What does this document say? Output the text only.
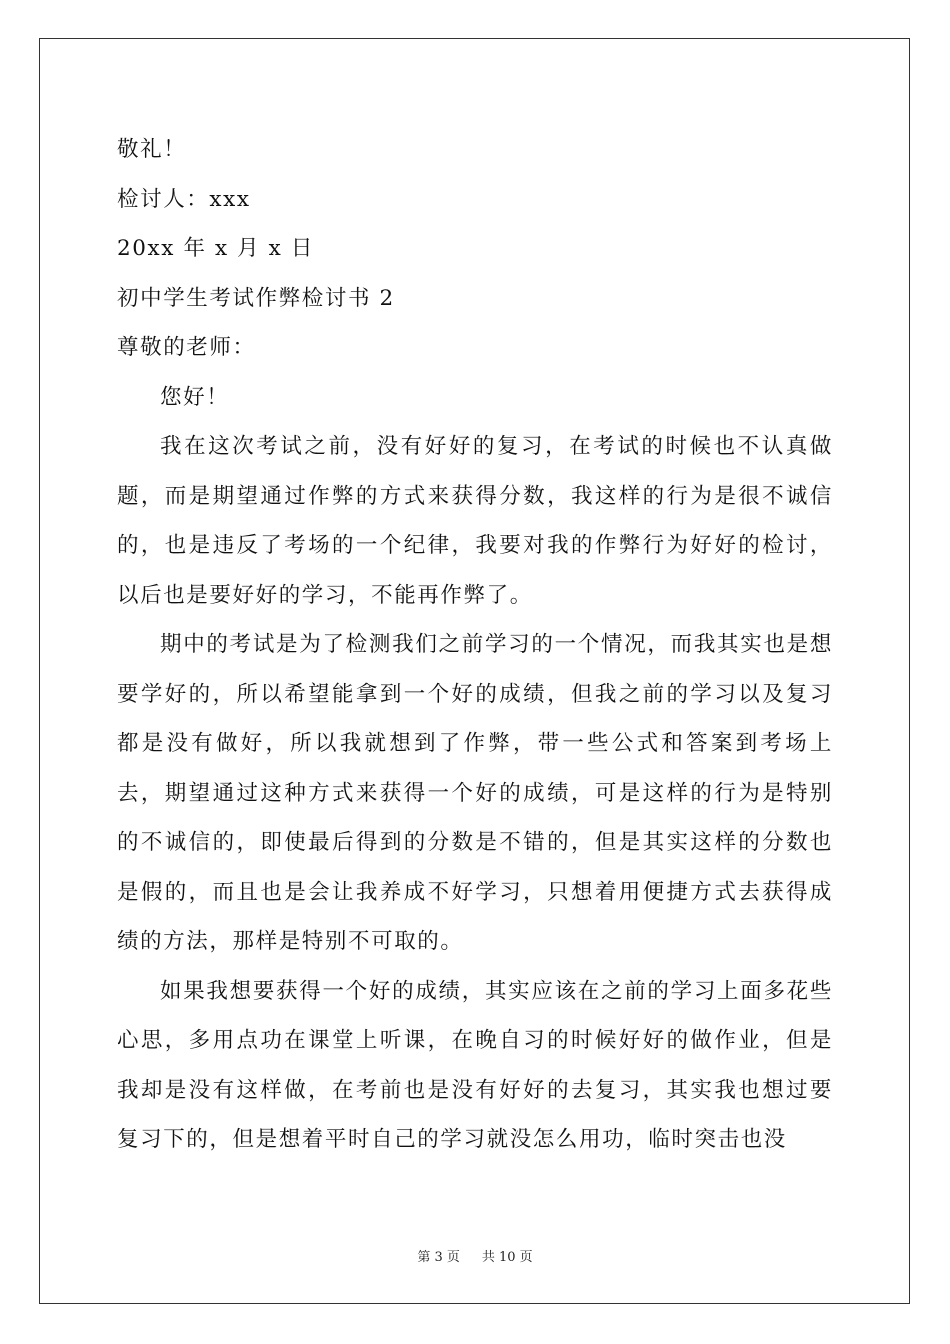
敬礼！
检讨人：xxx
20xx 年 x 月 x 日
初中学生考试作弊检讨书 2
尊敬的老师：
您好！

我在这次考试之前，没有好好的复习，在考试的时候也不认真做题，而是期望通过作弊的方式来获得分数，我这样的行为是很不诚信的，也是违反了考场的一个纪律，我要对我的作弊行为好好的检讨，以后也是要好好的学习，不能再作弊了。

期中的考试是为了检测我们之前学习的一个情况，而我其实也是想要学好的，所以希望能拿到一个好的成绩，但我之前的学习以及复习都是没有做好，所以我就想到了作弊，带一些公式和答案到考场上去，期望通过这种方式来获得一个好的成绩，可是这样的行为是特别的不诚信的，即使最后得到的分数是不错的，但是其实这样的分数也是假的，而且也是会让我养成不好学习，只想着用便捷方式去获得成绩的方法，那样是特别不可取的。

如果我想要获得一个好的成绩，其实应该在之前的学习上面多花些心思，多用点功在课堂上听课，在晚自习的时候好好的做作业，但是我却是没有这样做，在考前也是没有好好的去复习，其实我也想过要复习下的，但是想着平时自己的学习就没怎么用功，临时突击也没

第 3 页 共 10 页
